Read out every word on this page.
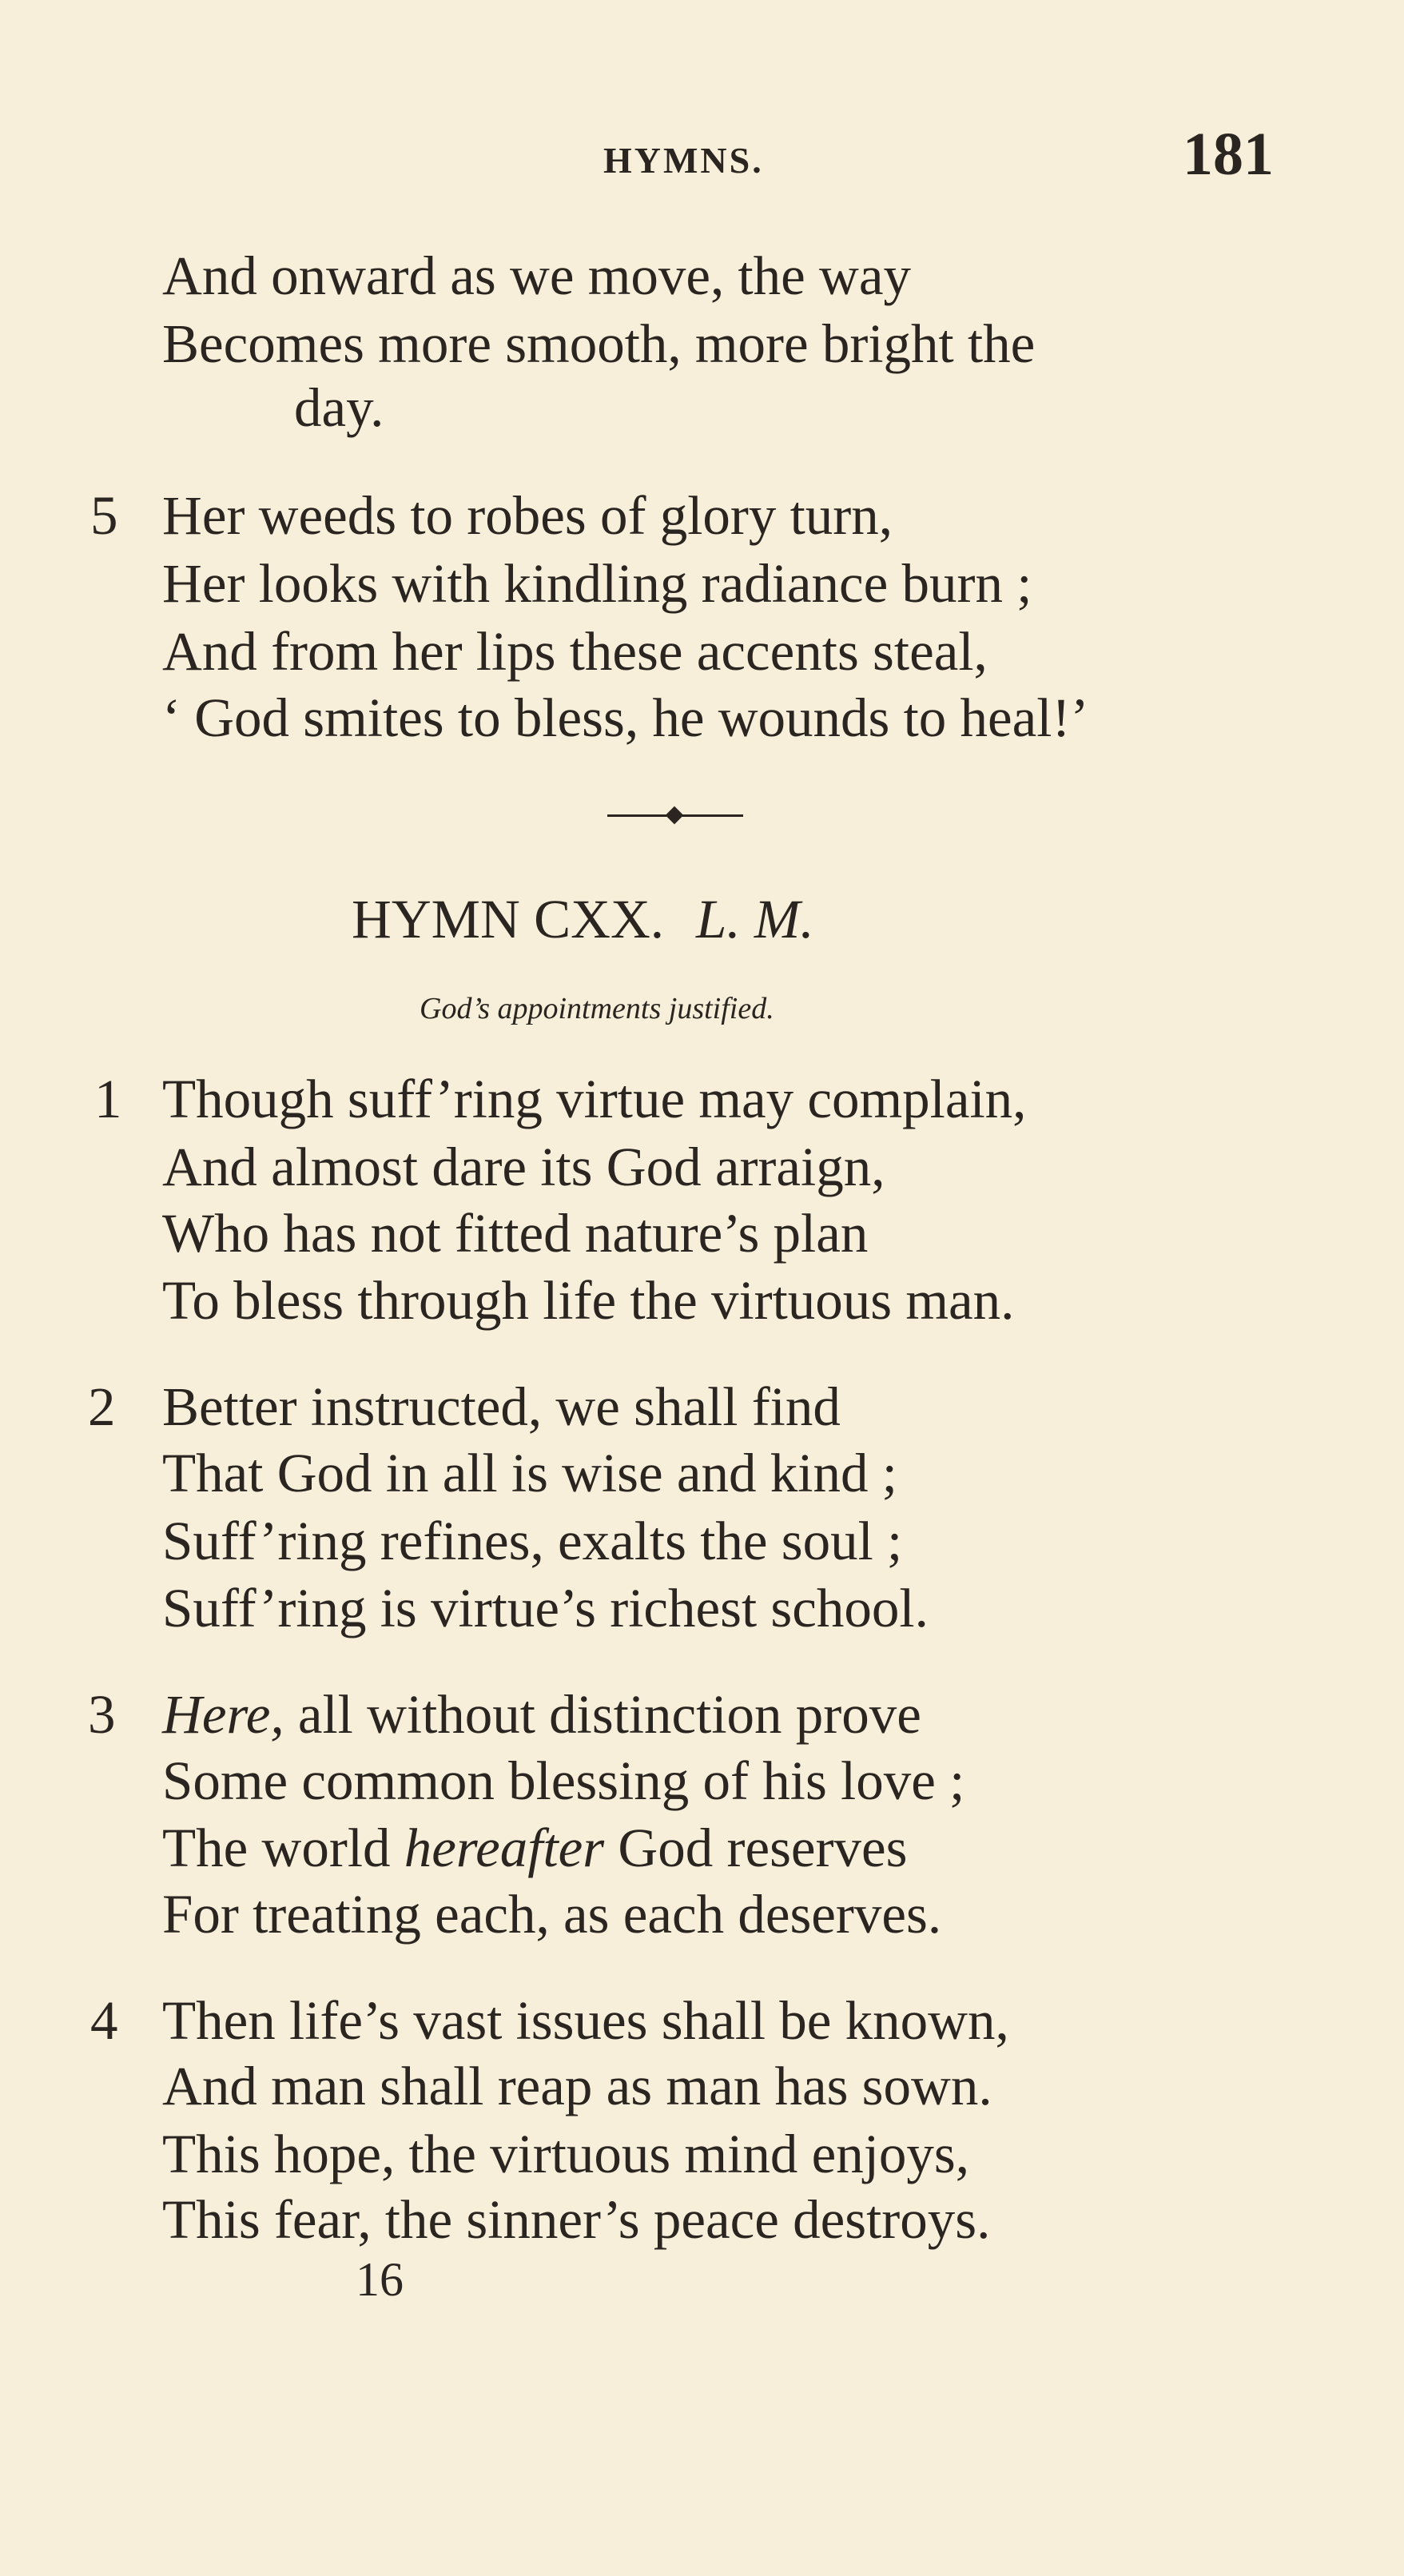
HYMNS.	181
And onward as we move, the way
Becomes more smooth, more bright the
day.
5 Her weeds to robes of glory turn,
Her looks with kindling radiance burn ;
And from her lips these accents steal,
‘ God smites to bless, he wounds to heal!’
HYMN CXX. L. M.
God’s appointments justified.
1 Though suff’ring virtue may complain,
And almost dare its God arraign,
Who has not fitted nature’s plan
To bless through life the virtuous man.
2 Better instructed, we shall find
That God in all is wise and kind ;
Suff’ring refines, exalts the soul ;
Suff’ring is virtue’s richest school.
3 Here, all without distinction prove
Some common blessing of his love ;
The world hereafter God reserves
For treating each, as each deserves.
4 Then life’s vast issues shall be known,
And man shall reap as man has sown.
This hope, the virtuous mind enjoys,
This fear, the sinner’s peace destroys.
16
